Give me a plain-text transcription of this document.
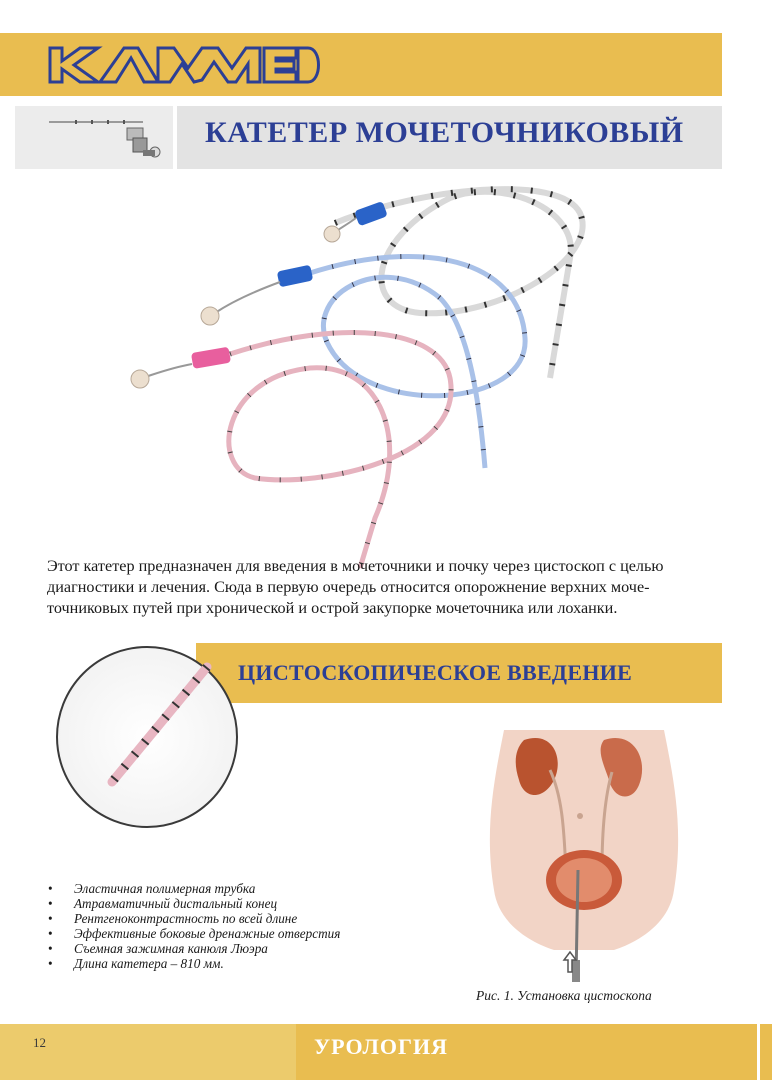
KAMMED
КАТЕТЕР МОЧЕТОЧНИКОВЫЙ
Этот катетер предназначен для введения в мочеточники и почку через цистоскоп с целью диагностики и лечения. Сюда в первую очередь относится опорожнение верхних моче-точниковых путей при хронической и острой закупорке мочеточника или лоханки.
ЦИСТОСКОПИЧЕСКОЕ ВВЕДЕНИЕ
• Эластичная полимерная трубка
• Атравматичный дистальный конец
• Рентгеноконтрастность по всей длине
• Эффективные боковые дренажные отверстия
• Съемная зажимная канюля Люэра
• Длина катетера – 810 мм.
Рис. 1. Установка цистоскопа
12	УРОЛОГИЯ
